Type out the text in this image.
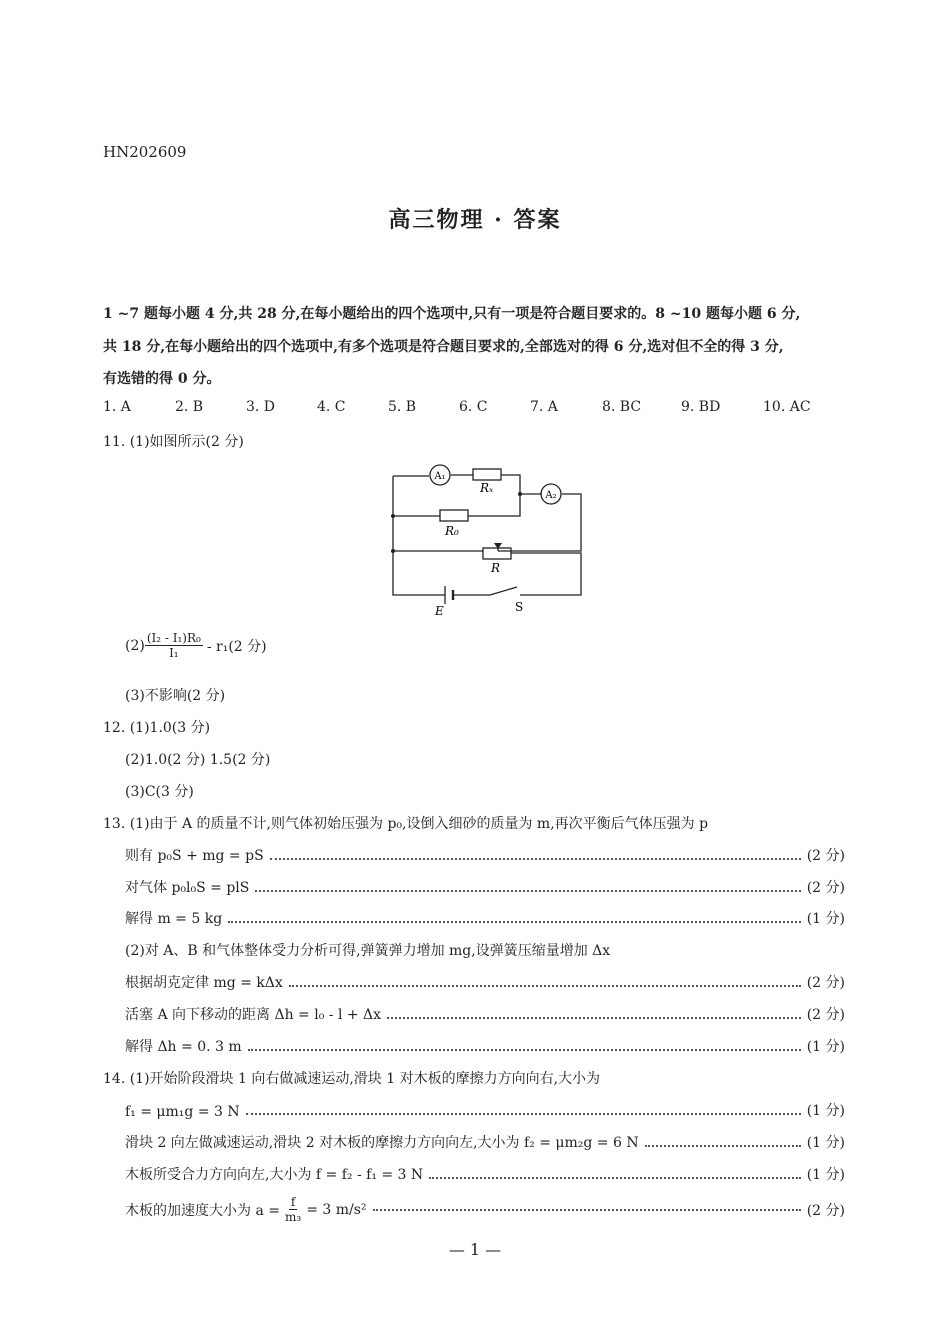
HN202609
高三物理 · 答案
1 ~7 题每小题 4 分,共 28 分,在每小题给出的四个选项中,只有一项是符合题目要求的。8 ~10 题每小题 6 分,
共 18 分,在每小题给出的四个选项中,有多个选项是符合题目要求的,全部选对的得 6 分,选对但不全的得 3 分,
有选错的得 0 分。
1. A	2. B	3. D	4. C	5. B	6. C	7. A	8. BC	9. BD	10. AC
11. (1)如图所示(2 分)
A₁
A₂
Rₓ
R₀
R
E	S
$(2) \frac{\text{(I₂ - I₁)R₀}}{\text{I₁}} - r_1(2$ 分)
(3)不影响(2 分)
12. (1)1.0(3 分)
(2)1.0(2 分) 1.5(2 分)
(3)C(3 分)
13. (1)由于 A 的质量不计,则气体初始压强为 p₀,设倒入细砂的质量为 m,再次平衡后气体压强为 p
则有 p₀S + mg = pS	(2 分)
对气体 p₀l₀S = plS	(2 分)
解得 m = 5 kg	(1 分)
(2)对 A、B 和气体整体受力分析可得,弹簧弹力增加 mg,设弹簧压缩量增加 Δx
根据胡克定律 mg = kΔx	(2 分)
活塞 A 向下移动的距离 Δh = l₀ - l + Δx	(2 分)
解得 Δh = 0. 3 m	(1 分)
14. (1)开始阶段滑块 1 向右做减速运动,滑块 1 对木板的摩擦力方向向右,大小为
f₁ = μm₁g = 3 N	(1 分)
滑块 2 向左做减速运动,滑块 2 对木板的摩擦力方向向左,大小为 f₂ = μm₂g = 6 N	(1 分)
木板所受合力方向向左,大小为 f = f₂ - f₁ = 3 N	(1 分)
木板的加速度大小为 $a = \frac{f}{\text{m₃}} = 3$ m/s²	(2 分)
— 1 —
